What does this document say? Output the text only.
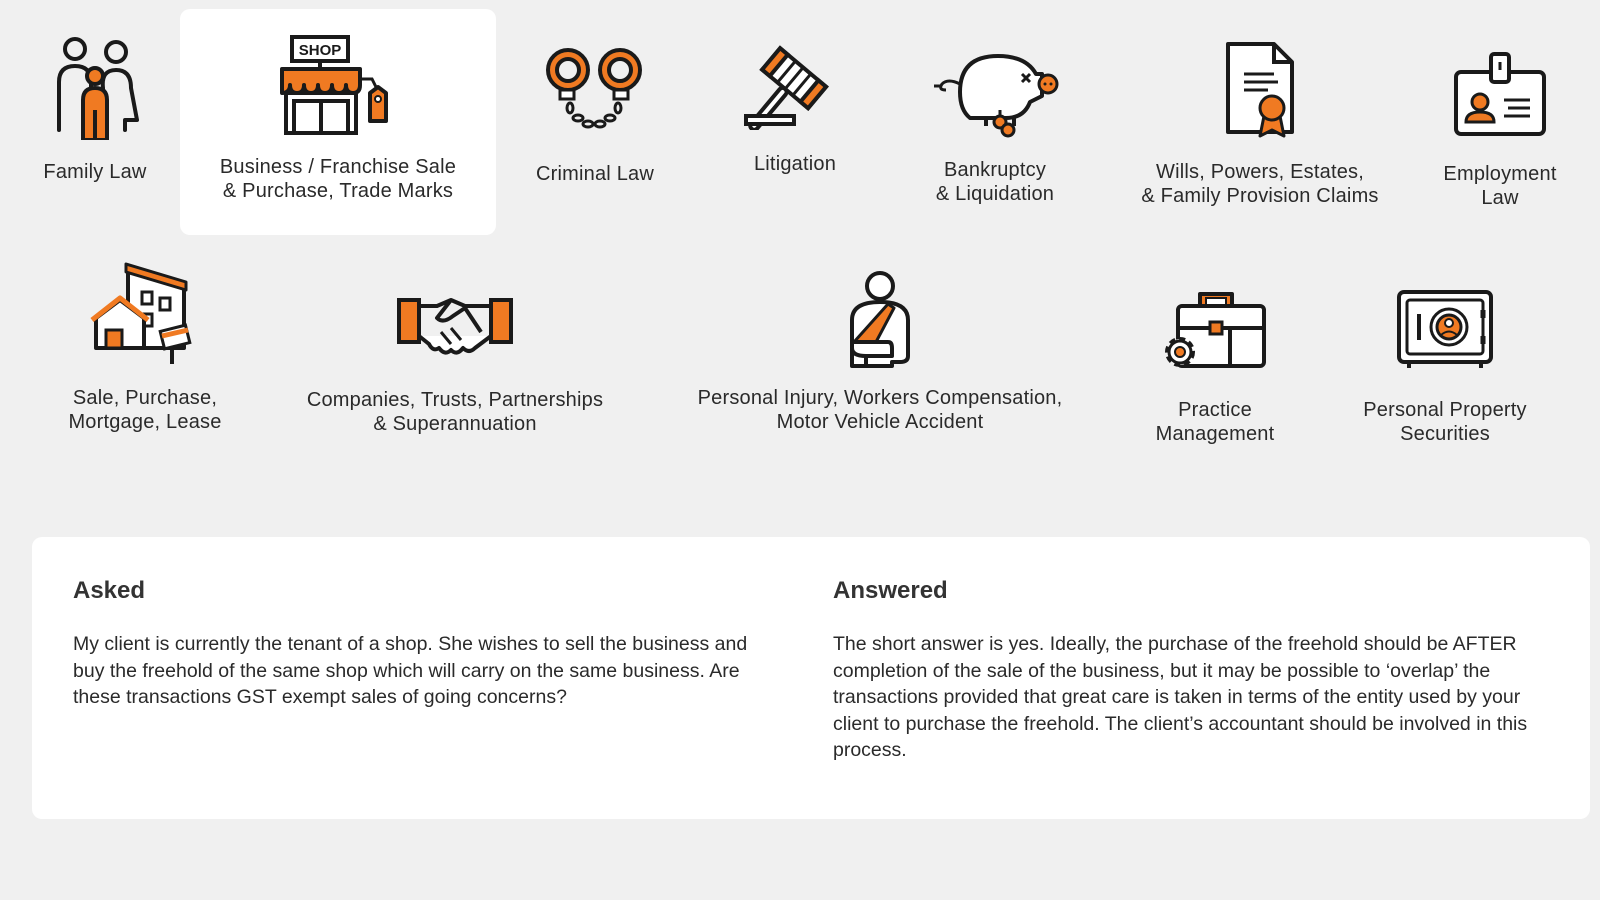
Family Law
SHOP
Business / Franchise Sale
& Purchase, Trade Marks
Criminal Law	Litigation	Bankruptcy
& Liquidation
Wills, Powers, Estates,
& Family Provision Claims
Employment
Law
Sale, Purchase,
Mortgage, Lease
Companies, Trusts, Partnerships
& Superannuation
Personal Injury, Workers Compensation,
Motor Vehicle Accident
Practice
Management
Personal Property
Securities
Asked

My client is currently the tenant of a shop. She wishes to sell the business and buy the freehold of the same shop which will carry on the same business. Are these transactions GST exempt sales of going concerns?

Answered

The short answer is yes. Ideally, the purchase of the freehold should be AFTER completion of the sale of the business, but it may be possible to ‘overlap’ the transactions provided that great care is taken in terms of the entity used by your client to purchase the freehold. The client’s accountant should be involved in this process.
